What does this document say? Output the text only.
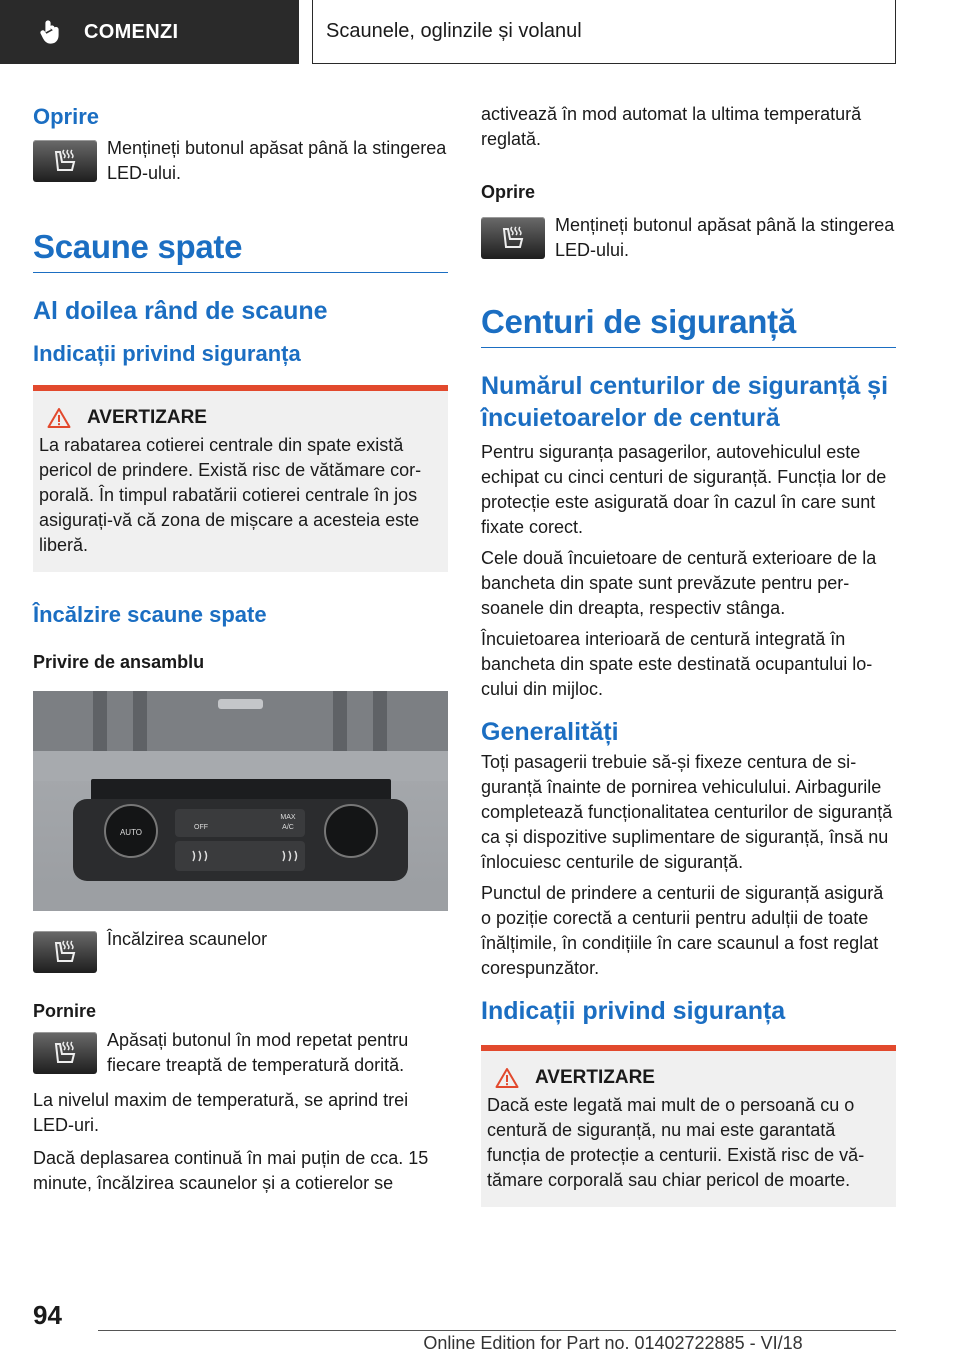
COMENZI	Scaunele, oglinzile și volanul
Oprire

Mențineți butonul apăsat până la stingerea LED-ului.

Scaune spate
Al doilea rând de scaune
Indicații privind siguranța
AVERTIZARE

La rabatarea cotierei centrale din spate există pericol de prindere. Există risc de vătămare corporală. În timpul rabatării cotierei centrale în jos asigurați-vă că zona de mișcare a acesteia este liberă.

Încălzire scaune spate
Privire de ansamblu
AUTO
OFF
MAX
A/C

Încălzirea scaunelor

Pornire

Apăsați butonul în mod repetat pentru fiecare treaptă de temperatură dorită.

La nivelul maxim de temperatură, se aprind trei LED-uri.

Dacă deplasarea continuă în mai puțin de cca. 15 minute, încălzirea scaunelor și a cotierelor se

activează în mod automat la ultima temperatură reglată.

Oprire

Mențineți butonul apăsat până la stingerea LED-ului.

Centuri de siguranță
Numărul centurilor de siguranță și încuietoarelor de centură

Pentru siguranța pasagerilor, autovehiculul este echipat cu cinci centuri de siguranță. Funcția lor de protecție este asigurată doar în cazul în care sunt fixate corect.

Cele două încuietoare de centură exterioare de la bancheta din spate sunt prevăzute pentru persoanele din dreapta, respectiv stânga.

Încuietoarea interioară de centură integrată în bancheta din spate este destinată ocupantului locului din mijloc.

Generalități

Toți pasagerii trebuie să-și fixeze centura de siguranță înainte de pornirea vehiculului. Airbagurile completează funcționalitatea centurilor de siguranță ca și dispozitive suplimentare de siguranță, însă nu înlocuiesc centurile de siguranță.

Punctul de prindere a centurii de siguranță asigură o poziție corectă a centurii pentru adulții de toate înălțimile, în condițiile în care scaunul a fost reglat corespunzător.

Indicații privind siguranța
AVERTIZARE

Dacă este legată mai mult de o persoană cu o centură de siguranță, nu mai este garantată funcția de protecție a centurii. Există risc de vătămare corporală sau chiar pericol de moarte.

94
Online Edition for Part no. 01402722885 - VI/18
